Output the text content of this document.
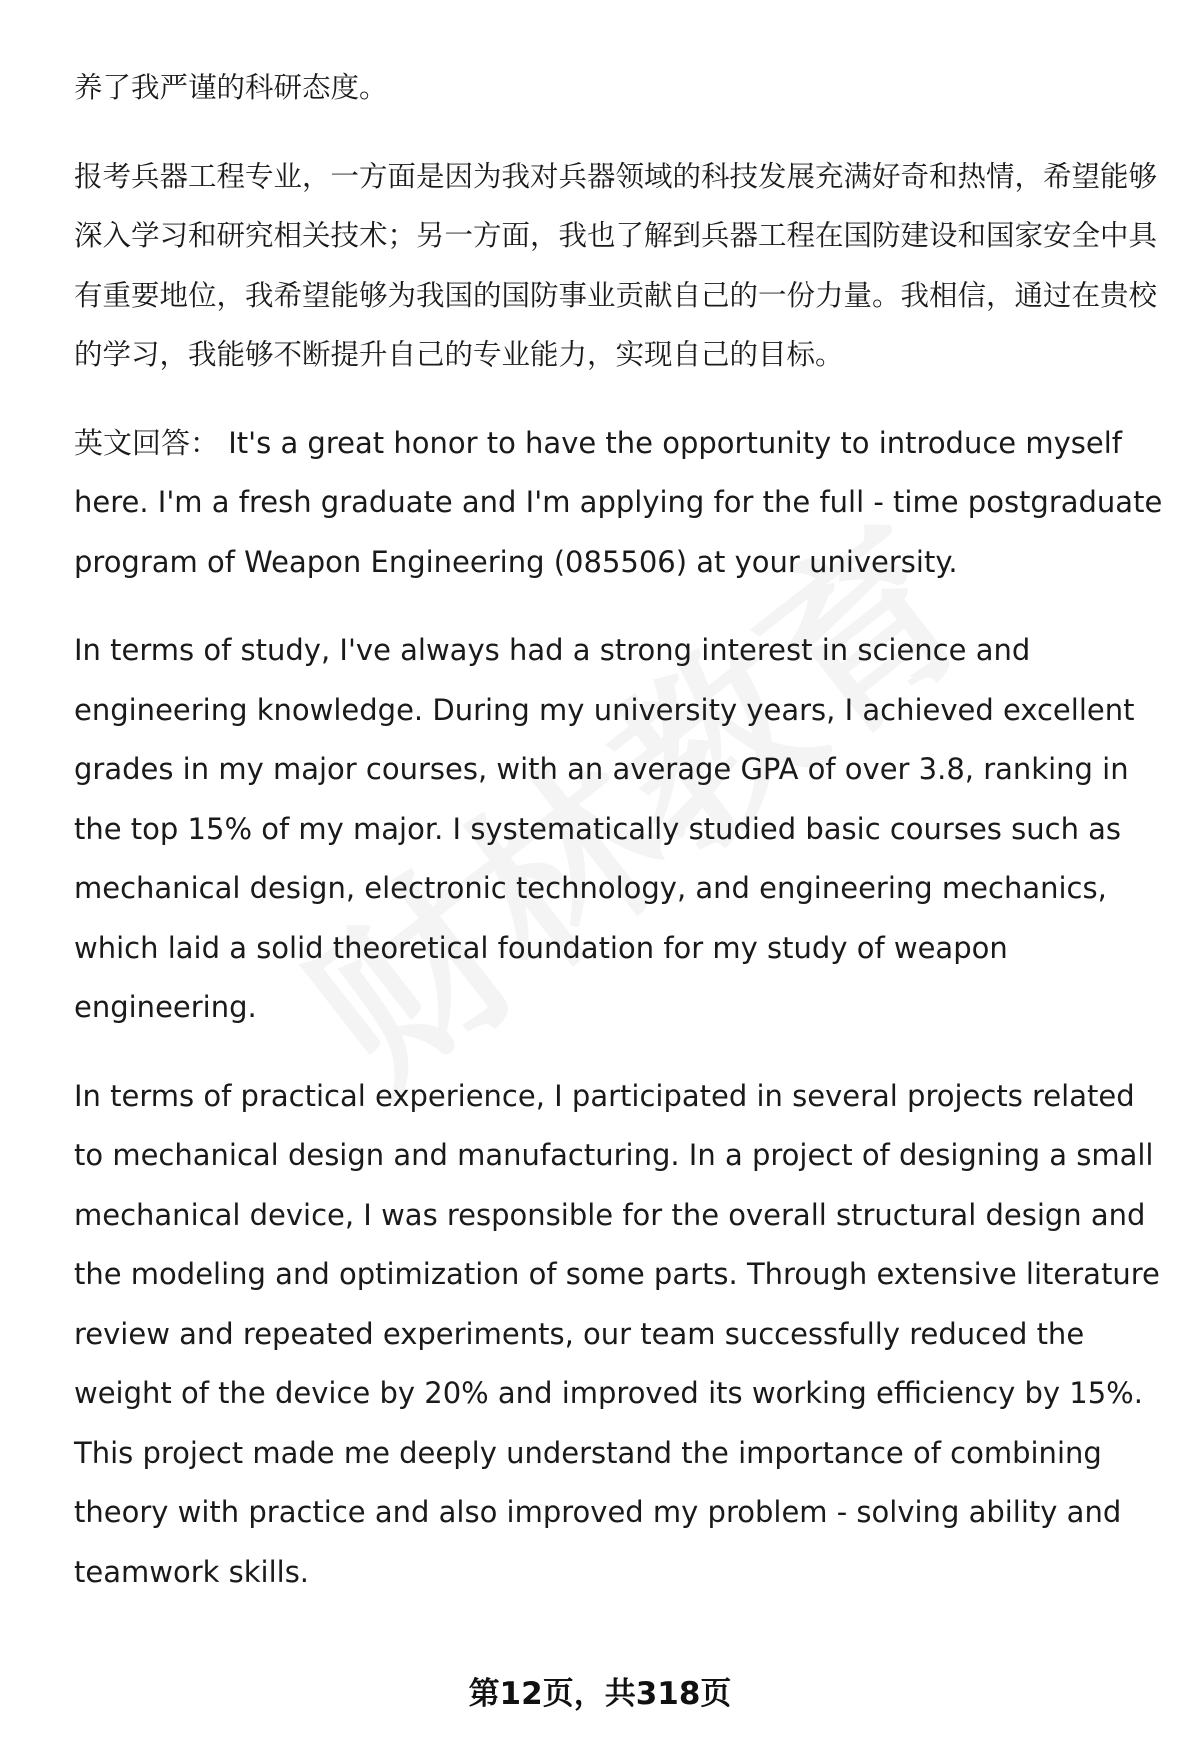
养了我严谨的科研态度。

报考兵器工程专业，一方面是因为我对兵器领域的科技发展充满好奇和热情，希望能够深入学习和研究相关技术；另一方面，我也了解到兵器工程在国防建设和国家安全中具有重要地位，我希望能够为我国的国防事业贡献自己的一份力量。我相信，通过在贵校的学习，我能够不断提升自己的专业能力，实现自己的目标。

英文回答： It's a great honor to have the opportunity to introduce myself here. I'm a fresh graduate and I'm applying for the full - time postgraduate program of Weapon Engineering (085506) at your university.

In terms of study, I've always had a strong interest in science and engineering knowledge. During my university years, I achieved excellent grades in my major courses, with an average GPA of over 3.8, ranking in the top 15% of my major. I systematically studied basic courses such as mechanical design, electronic technology, and engineering mechanics, which laid a solid theoretical foundation for my study of weapon engineering.

In terms of practical experience, I participated in several projects related to mechanical design and manufacturing. In a project of designing a small mechanical device, I was responsible for the overall structural design and the modeling and optimization of some parts. Through extensive literature review and repeated experiments, our team successfully reduced the weight of the device by 20% and improved its working efficiency by 15%. This project made me deeply understand the importance of combining theory with practice and also improved my problem - solving ability and teamwork skills.

第12页，共318页
